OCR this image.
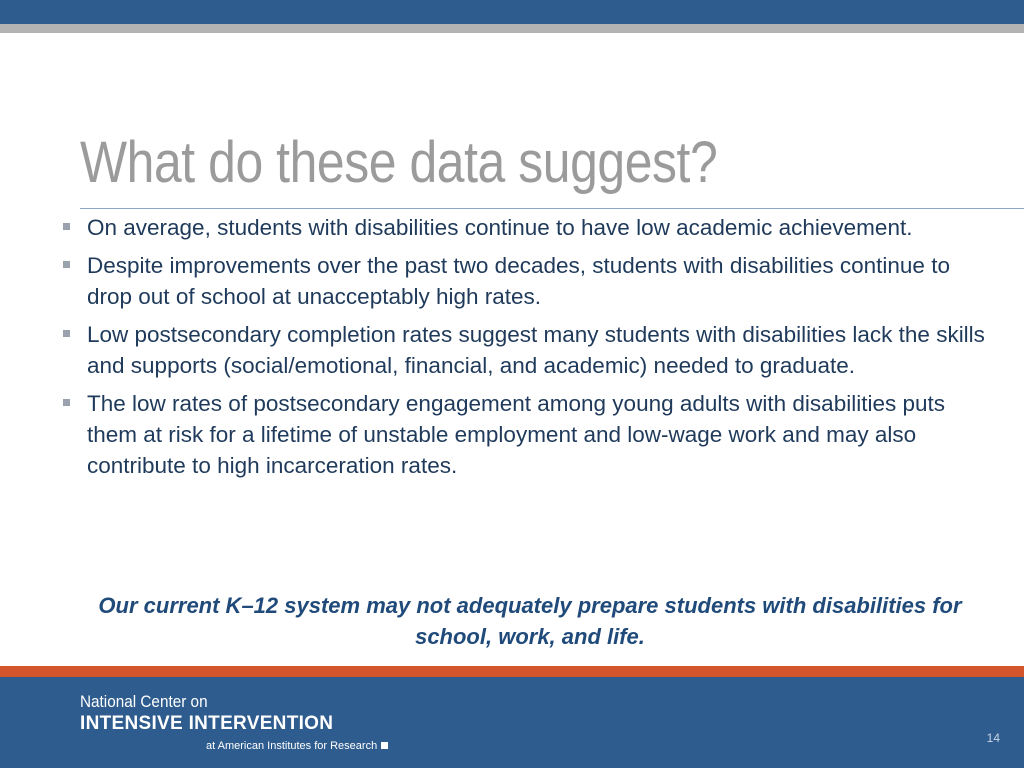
What do these data suggest?
On average, students with disabilities continue to have low academic achievement.
Despite improvements over the past two decades, students with disabilities continue to drop out of school at unacceptably high rates.
Low postsecondary completion rates suggest many students with disabilities lack the skills and supports (social/emotional, financial, and academic) needed to graduate.
The low rates of postsecondary engagement among young adults with disabilities puts them at risk for a lifetime of unstable employment and low-wage work and may also contribute to high incarceration rates.

Our current K–12 system may not adequately prepare students with disabilities for school, work, and life.

National Center on
INTENSIVE INTERVENTION
at American Institutes for Research
14
